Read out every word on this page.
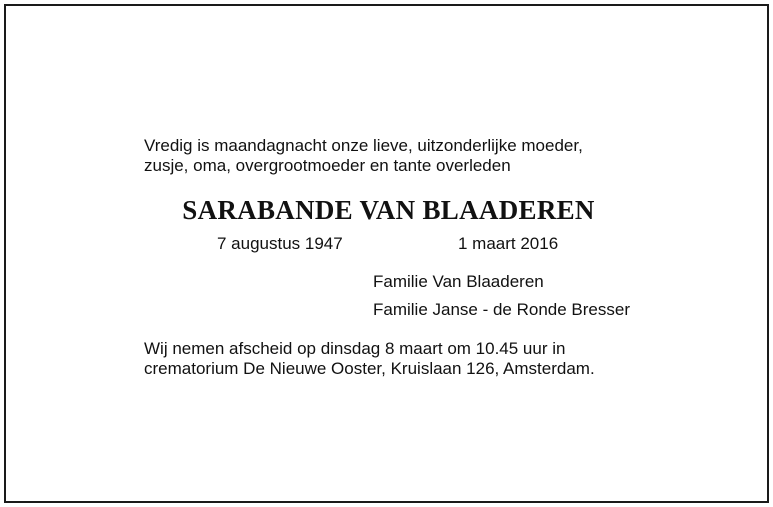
Vredig is maandagnacht onze lieve, uitzonderlijke moeder,
zusje, oma, overgrootmoeder en tante overleden
SARABANDE VAN BLAADEREN
7 augustus 1947	1 maart 2016
Familie Van Blaaderen
Familie Janse - de Ronde Bresser
Wij nemen afscheid op dinsdag 8 maart om 10.45 uur in
crematorium De Nieuwe Ooster, Kruislaan 126, Amsterdam.
